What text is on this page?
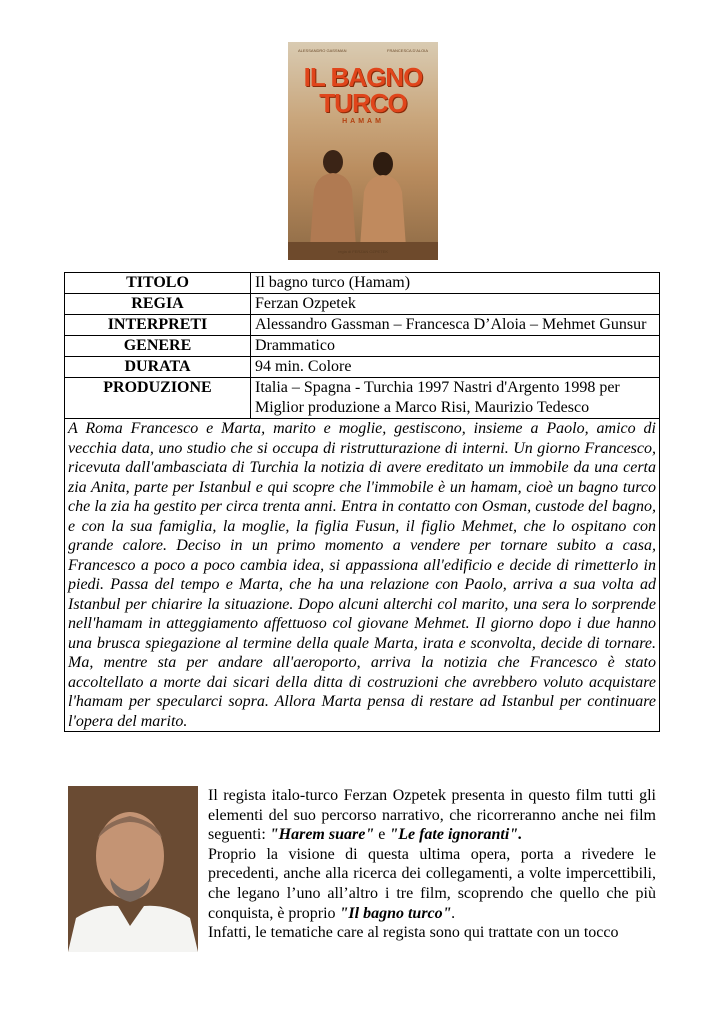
ALESSANDRO GASSMAN	FRANCESCA D'ALOIA
IL BAGNO
TURCO
HAMAM
regia di FERZAN OZPETEK
TITOLO	Il bagno turco (Hamam)
REGIA	Ferzan Ozpetek
INTERPRETI	Alessandro Gassman – Francesca D’Aloia – Mehmet Gunsur
GENERE	Drammatico
DURATA	94 min. Colore
PRODUZIONE	Italia – Spagna - Turchia 1997 Nastri d'Argento 1998 per Miglior produzione a Marco Risi, Maurizio Tedesco
A Roma Francesco e Marta, marito e moglie, gestiscono, insieme a Paolo, amico di vecchia data, uno studio che si occupa di ristrutturazione di interni. Un giorno Francesco, ricevuta dall'ambasciata di Turchia la notizia di avere ereditato un immobile da una certa zia Anita, parte per Istanbul e qui scopre che l'immobile è un hamam, cioè un bagno turco che la zia ha gestito per circa trenta anni. Entra in contatto con Osman, custode del bagno, e con la sua famiglia, la moglie, la figlia Fusun, il figlio Mehmet, che lo ospitano con grande calore. Deciso in un primo momento a vendere per tornare subito a casa, Francesco a poco a poco cambia idea, si appassiona all'edificio e decide di rimetterlo in piedi. Passa del tempo e Marta, che ha una relazione con Paolo, arriva a sua volta ad Istanbul per chiarire la situazione. Dopo alcuni alterchi col marito, una sera lo sorprende nell'hamam in atteggiamento affettuoso col giovane Mehmet. Il giorno dopo i due hanno una brusca spiegazione al termine della quale Marta, irata e sconvolta, decide di tornare. Ma, mentre sta per andare all'aeroporto, arriva la notizia che Francesco è stato accoltellato a morte dai sicari della ditta di costruzioni che avrebbero voluto acquistare l'hamam per specularci sopra. Allora Marta pensa di restare ad Istanbul per continuare l'opera del marito.	

Il regista italo-turco Ferzan Ozpetek presenta in questo film tutti gli elementi del suo percorso narrativo, che ricorreranno anche nei film seguenti: "Harem suare" e "Le fate ignoranti".

Proprio la visione di questa ultima opera, porta a rivedere le precedenti, anche alla ricerca dei collegamenti, a volte impercettibili, che legano l’uno all’altro i tre film, scoprendo che quello che più conquista, è proprio "Il bagno turco".

Infatti, le tematiche care al regista sono qui trattate con un tocco
